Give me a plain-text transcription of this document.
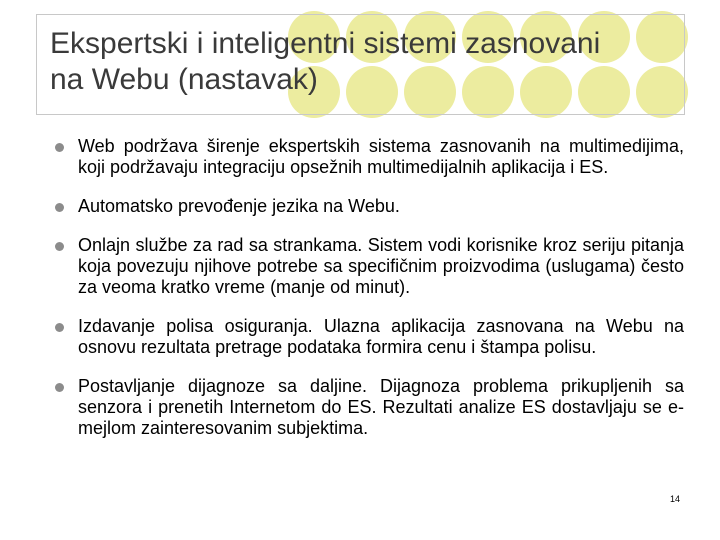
Ekspertski i inteligentni sistemi zasnovani
na Webu (nastavak)
Web podržava širenje ekspertskih sistema zasnovanih na multimedijima, koji podržavaju integraciju opsežnih multimedijalnih aplikacija i ES.
Automatsko prevođenje jezika na Webu.
Onlajn službe za rad sa strankama. Sistem vodi korisnike kroz seriju pitanja koja povezuju njihove potrebe sa specifičnim proizvodima (uslugama) često za veoma kratko vreme (manje od minut).
Izdavanje polisa osiguranja. Ulazna aplikacija zasnovana na Webu na osnovu rezultata pretrage podataka formira cenu i štampa polisu.
Postavljanje dijagnoze sa daljine. Dijagnoza problema prikupljenih sa senzora i prenetih Internetom do ES. Rezultati analize ES dostavljaju se e-mejlom zainteresovanim subjektima.
14
